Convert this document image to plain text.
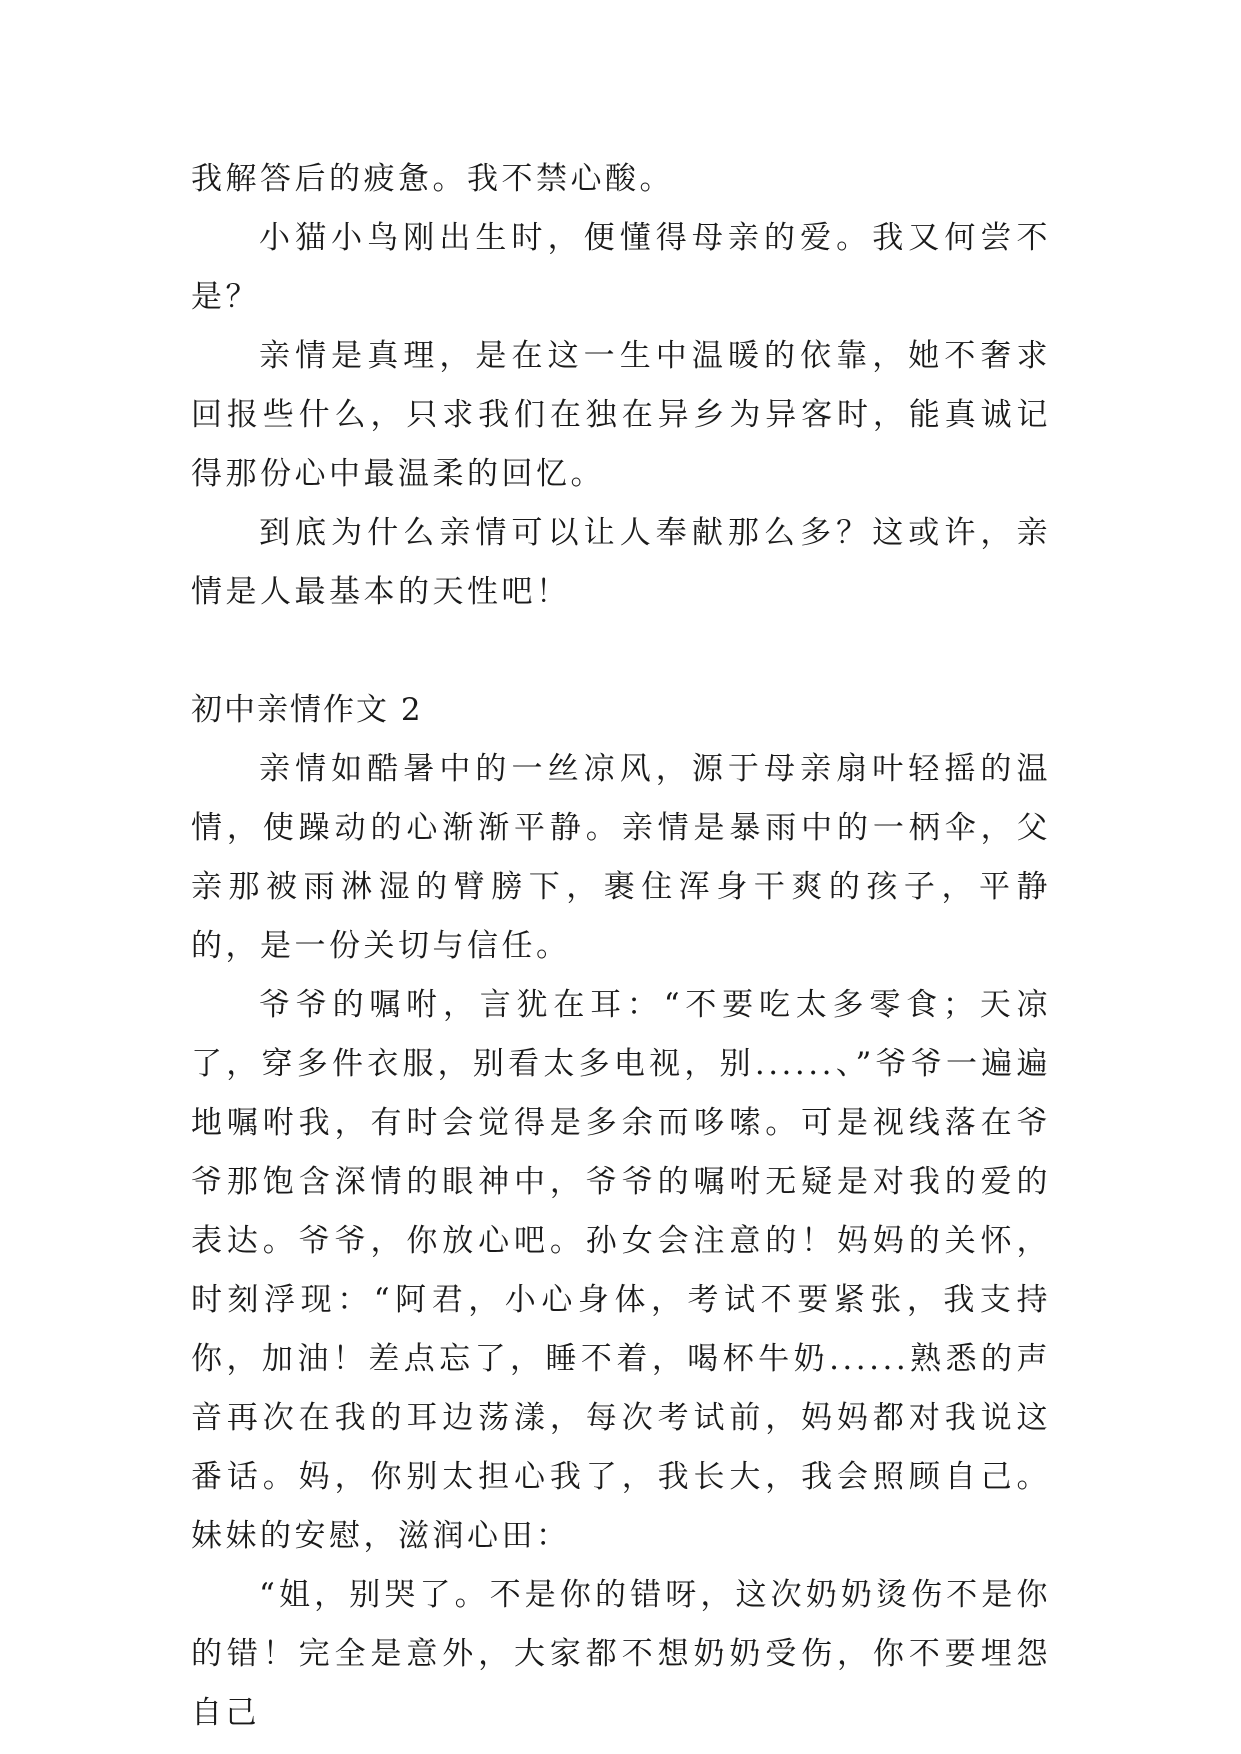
我解答后的疲惫。我不禁心酸。

小猫小鸟刚出生时，便懂得母亲的爱。我又何尝不是？

亲情是真理，是在这一生中温暖的依靠，她不奢求回报些什么，只求我们在独在异乡为异客时，能真诚记得那份心中最温柔的回忆。

到底为什么亲情可以让人奉献那么多？这或许，亲情是人最基本的天性吧！

初中亲情作文 2

亲情如酷暑中的一丝凉风，源于母亲扇叶轻摇的温情，使躁动的心渐渐平静。亲情是暴雨中的一柄伞，父亲那被雨淋湿的臂膀下，裹住浑身干爽的孩子，平静的，是一份关切与信任。

爷爷的嘱咐，言犹在耳：“不要吃太多零食；天凉了，穿多件衣服，别看太多电视，别......、”爷爷一遍遍地嘱咐我，有时会觉得是多余而哆嗦。可是视线落在爷爷那饱含深情的眼神中，爷爷的嘱咐无疑是对我的爱的表达。爷爷，你放心吧。孙女会注意的！妈妈的关怀，时刻浮现：“阿君，小心身体，考试不要紧张，我支持你，加油！差点忘了，睡不着，喝杯牛奶......熟悉的声音再次在我的耳边荡漾，每次考试前，妈妈都对我说这番话。妈，你别太担心我了，我长大，我会照顾自己。妹妹的安慰，滋润心田：

“姐，别哭了。不是你的错呀，这次奶奶烫伤不是你的错！完全是意外，大家都不想奶奶受伤，你不要埋怨自己
